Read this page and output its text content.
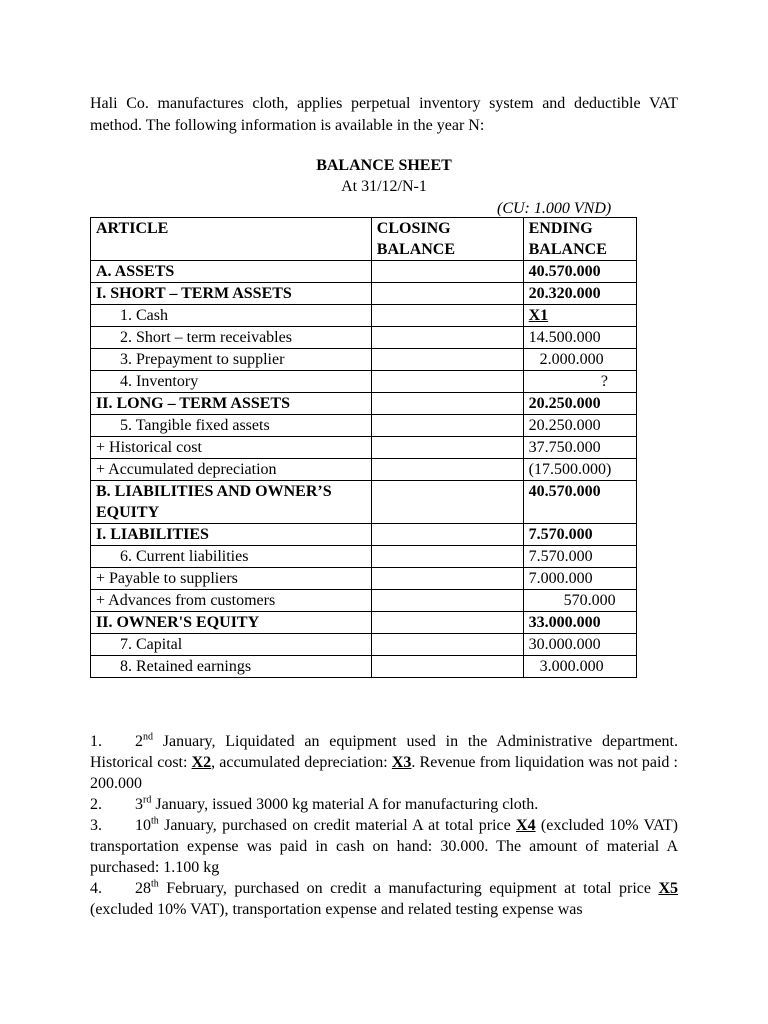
Hali Co. manufactures cloth, applies perpetual inventory system and deductible VAT method. The following information is available in the year N:
BALANCE SHEET
At 31/12/N-1
(CU: 1.000 VND)
ARTICLE	CLOSING BALANCE	ENDING BALANCE
A. ASSETS		40.570.000
I. SHORT – TERM ASSETS		20.320.000
1. Cash		X1
2. Short – term receivables		14.500.000
3. Prepayment to supplier		2.000.000
4. Inventory		?
II. LONG – TERM ASSETS		20.250.000
5. Tangible fixed assets		20.250.000
+ Historical cost		37.750.000
+ Accumulated depreciation		(17.500.000)
B. LIABILITIES AND OWNER’S EQUITY		40.570.000
I. LIABILITIES		7.570.000
6. Current liabilities		7.570.000
+ Payable to suppliers		7.000.000
+ Advances from customers		570.000
II. OWNER'S EQUITY		33.000.000
7. Capital		30.000.000
8. Retained earnings		3.000.000

1. 2nd January, Liquidated an equipment used in the Administrative department. Historical cost: X2, accumulated depreciation: X3. Revenue from liquidation was not paid : 200.000

2. 3rd January, issued 3000 kg material A for manufacturing cloth.

3. 10th January, purchased on credit material A at total price X4 (excluded 10% VAT) transportation expense was paid in cash on hand: 30.000. The amount of material A purchased: 1.100 kg

4. 28th February, purchased on credit a manufacturing equipment at total price X5 (excluded 10% VAT), transportation expense and related testing expense was
